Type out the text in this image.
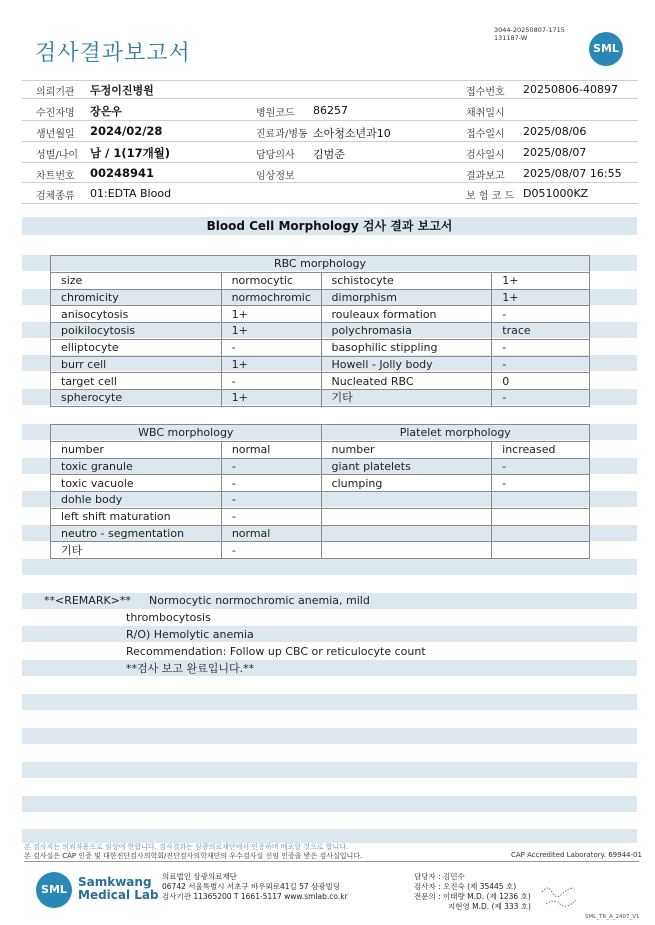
검사결과보고서
3044-20250807-1715
131187-W
SML
의뢰기관 두정이진병원	접수번호 20250806-40897
수진자명 장은우	병원코드 86257	채취일시
생년월일 2024/02/28	진료과/병동 소아청소년과10	접수일시 2025/08/06
성별/나이 남 / 1(17개월)	담당의사 김범준	검사일시 2025/08/07
차트번호 00248941	임상정보	결과보고 2025/08/07 16:55
검체종류 01:EDTA Blood	보 험 코 드 D051000KZ
Blood Cell Morphology 검사 결과 보고서
RBC morphology			
size	normocytic	schistocyte	1+
chromicity	normochromic	dimorphism	1+
anisocytosis	1+	rouleaux formation	-
poikilocytosis	1+	polychromasia	trace
elliptocyte	-	basophilic stippling	-
burr cell	1+	Howell - Jolly body	-
target cell	-	Nucleated RBC	0
spherocyte	1+	기타	-
WBC morphology		Platelet morphology	
number	normal	number	increased
toxic granule	-	giant platelets	-
toxic vacuole	-	clumping	-
dohle body	-		
left shift maturation	-		
neutro - segmentation	normal		
기타	-		
**<REMARK>** Normocytic normochromic anemia, mild
thrombocytosis
R/O) Hemolytic anemia
Recommendation: Follow up CBC or reticulocyte count
**검사 보고 완료입니다.**
본 검사지는 의뢰자용으로 임상에 한합니다. 검사결과는 삼광의료재단에서 인증하며 배포할 것으로 합니다.
본 검사실은 CAP 인증 및 대한진단검사의학회/진단검사의학재단의 우수검사실 신임 인증을 받은 검사실입니다.	CAP Accredited Laboratory. 69944-01
SML
Samkwang
Medical Lab
의료법인 삼광의료재단
06742 서울특별시 서초구 바우뫼로41길 57 삼광빌딩
검사기관 11365200 T 1661-5117 www.smlab.co.kr
담당자 : 김민수
검사자 : 오진숙 (제 35445 호)
전문의 : 이태량 M.D. (제 1236 호)
지현영 M.D. (제 333 호)
SML_TR_A_2407_V1
